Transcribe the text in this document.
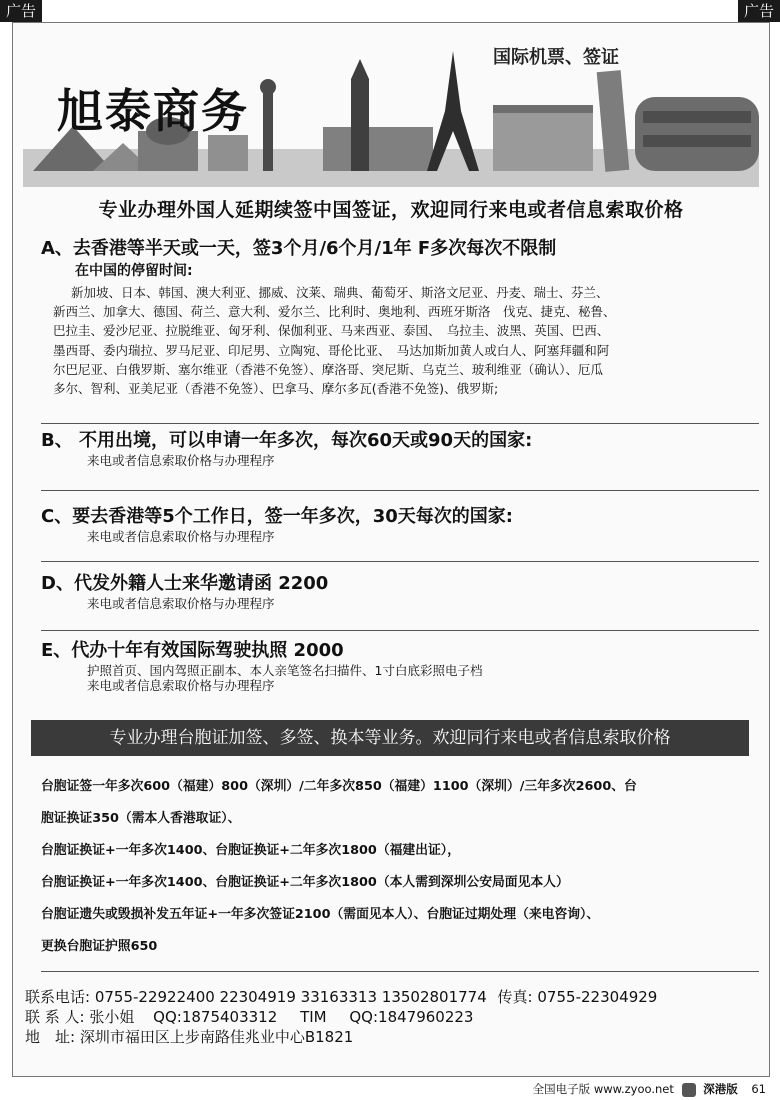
广告	广告
旭泰商务
国际机票、签证
专业办理外国人延期续签中国签证，欢迎同行来电或者信息索取价格
A、去香港等半天或一天，签3个月/6个月/1年 F多次每次不限制
在中国的停留时间:
新加坡、日本、韩国、澳大利亚、挪威、汶莱、瑞典、葡萄牙、斯洛文尼亚、丹麦、瑞士、芬兰、
新西兰、加拿大、德国、荷兰、意大利、爱尔兰、比利时、奥地利、西班牙斯洛　伐克、捷克、秘鲁、
巴拉圭、爱沙尼亚、拉脱维亚、匈牙利、保伽利亚、马来西亚、泰国、　乌拉圭、波黑、英国、巴西、
墨西哥、委内瑞拉、罗马尼亚、印尼男、立陶宛、哥伦比亚、　马达加斯加黄人或白人、阿塞拜疆和阿
尔巴尼亚、白俄罗斯、塞尔维亚（香港不免签）、摩洛哥、突尼斯、乌克兰、玻利维亚（确认）、厄瓜
多尔、智利、亚美尼亚（香港不免签）、巴拿马、摩尔多瓦(香港不免签)、俄罗斯;
B、 不用出境，可以申请一年多次，每次60天或90天的国家:
来电或者信息索取价格与办理程序
C、要去香港等5个工作日，签一年多次，30天每次的国家:
来电或者信息索取价格与办理程序
D、代发外籍人士来华邀请函 2200
来电或者信息索取价格与办理程序
E、代办十年有效国际驾驶执照 2000
护照首页、国内驾照正副本、本人亲笔签名扫描件、1寸白底彩照电子档
来电或者信息索取价格与办理程序
专业办理台胞证加签、多签、换本等业务。欢迎同行来电或者信息索取价格
台胞证签一年多次600（福建）800（深圳）/二年多次850（福建）1100（深圳）/三年多次2600、台
胞证换证350（需本人香港取证）、
台胞证换证+一年多次1400、台胞证换证+二年多次1800（福建出证），
台胞证换证+一年多次1400、台胞证换证+二年多次1800（本人需到深圳公安局面见本人）
台胞证遗失或毁损补发五年证+一年多次签证2100（需面见本人）、台胞证过期处理（来电咨询）、
更换台胞证护照650
联系电话: 0755-22922400 22304919 33163313 13502801774 传真: 0755-22304929
联 系 人: 张小姐 QQ:1875403312 TIM QQ:1847960223
地　址: 深圳市福田区上步南路佳兆业中心B1821
全国电子版 www.zyoo.net	深港版 61
